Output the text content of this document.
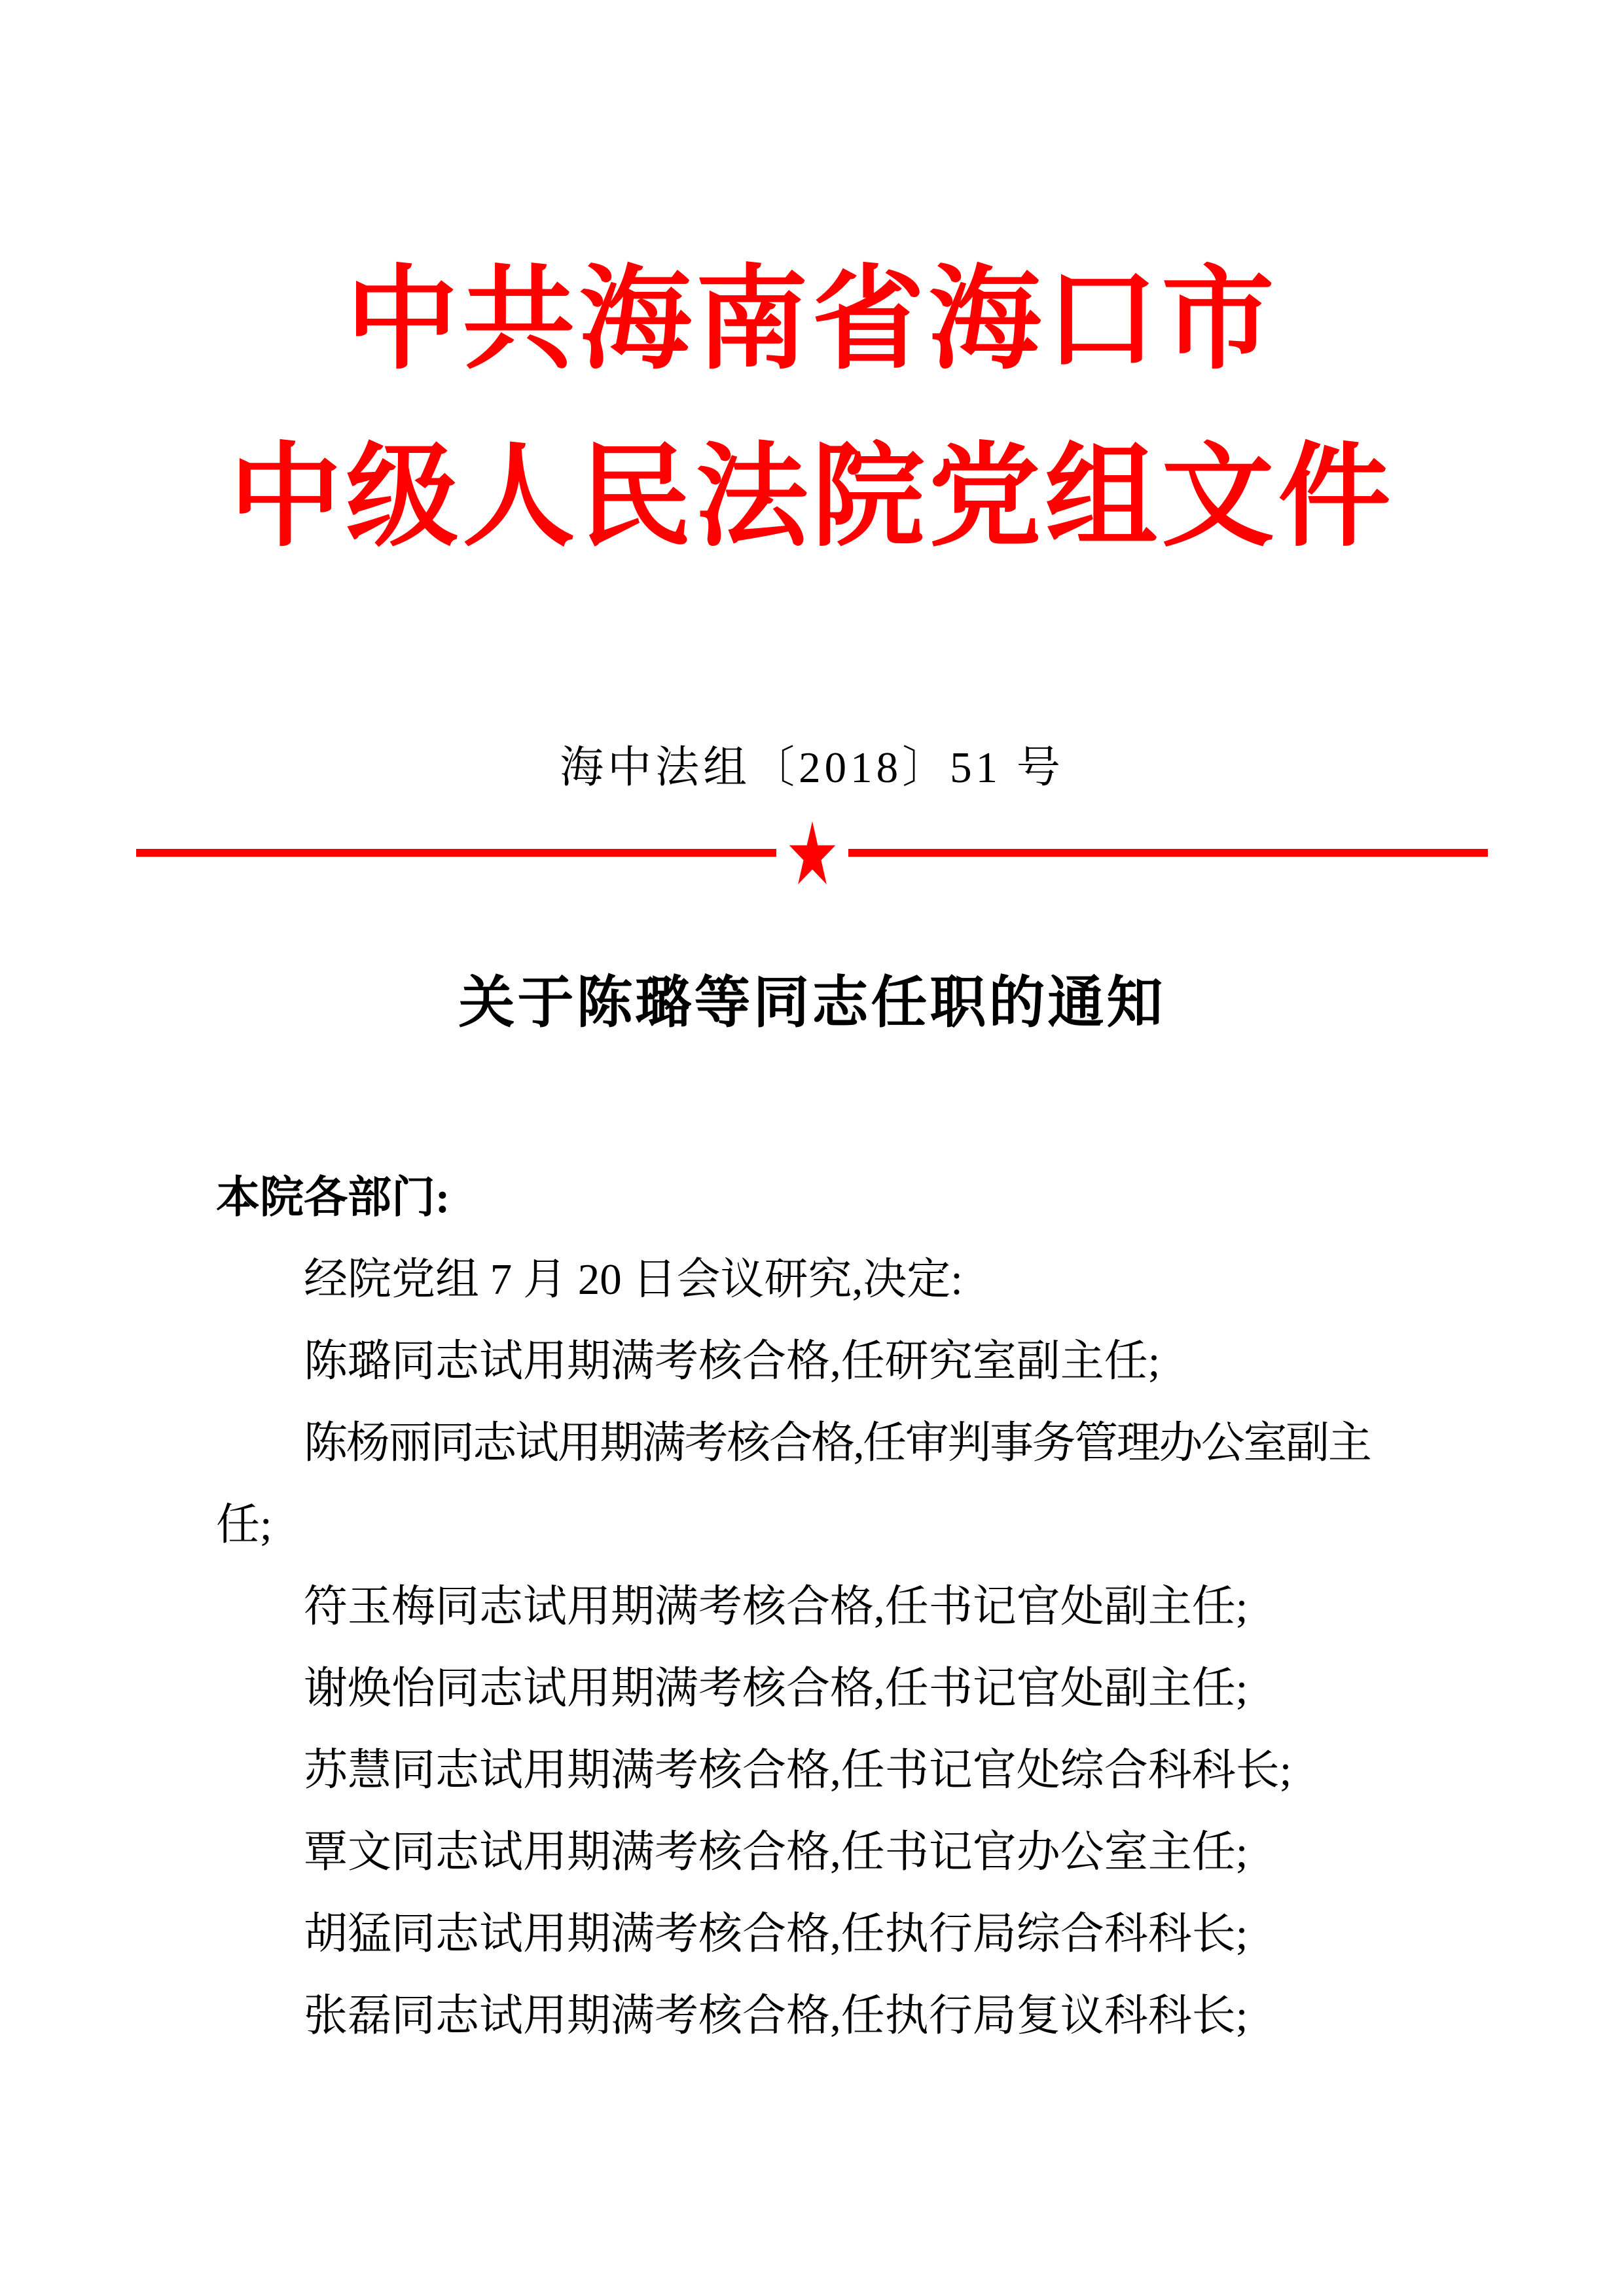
中共海南省海口市
中级人民法院党组文件
海中法组〔2018〕51 号
关于陈璐等同志任职的通知
本院各部门:
经院党组 7 月 20 日会议研究,决定:
陈璐同志试用期满考核合格,任研究室副主任;
陈杨丽同志试用期满考核合格,任审判事务管理办公室副主
任;
符玉梅同志试用期满考核合格,任书记官处副主任;
谢焕怡同志试用期满考核合格,任书记官处副主任;
苏慧同志试用期满考核合格,任书记官处综合科科长;
覃文同志试用期满考核合格,任书记官办公室主任;
胡猛同志试用期满考核合格,任执行局综合科科长;
张磊同志试用期满考核合格,任执行局复议科科长;
